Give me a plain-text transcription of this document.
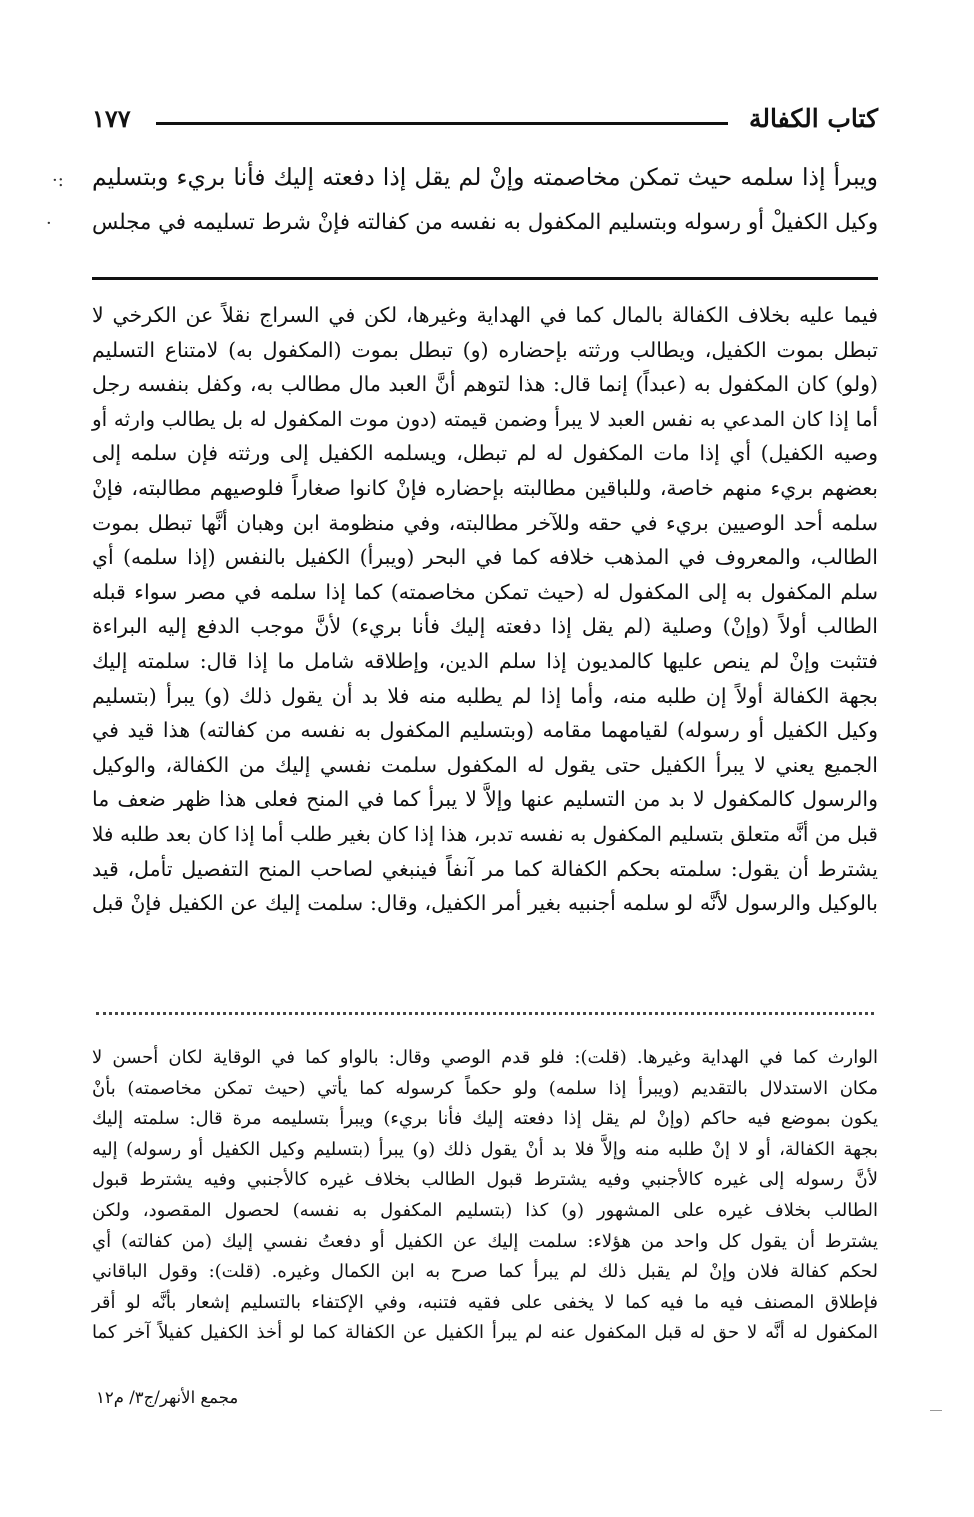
كتاب الكفالة
١٧٧
·:
·

ويبرأ إذا سلمه حيث تمكن مخاصمته وإنْ لم يقل إذا دفعته إليك فأنا بريء وبتسليم

وكيل الكفيلْ أو رسوله وبتسليم المكفول به نفسه من كفالته فإنْ شرط تسليمه في مجلس

فيما عليه بخلاف الكفالة بالمال كما في الهداية وغيرها، لكن في السراج نقلاً عن الكرخي لا

تبطل بموت الكفيل، ويطالب ورثته بإحضاره (و) تبطل بموت (المكفول به) لامتناع التسليم

(ولو) كان المكفول به (عبداً) إنما قال: هذا لتوهم أنَّ العبد مال مطالب به، وكفل بنفسه رجل

أما إذا كان المدعي به نفس العبد لا يبرأ وضمن قيمته (دون موت المكفول له بل يطالب وارثه أو

وصيه الكفيل) أي إذا مات المكفول له لم تبطل، ويسلمه الكفيل إلى ورثته فإن سلمه إلى

بعضهم بريء منهم خاصة، وللباقين مطالبته بإحضاره فإنْ كانوا صغاراً فلوصيهم مطالبته، فإنْ

سلمه أحد الوصيين بريء في حقه وللآخر مطالبته، وفي منظومة ابن وهبان أنَّها تبطل بموت

الطالب، والمعروف في المذهب خلافه كما في البحر (ويبرأ) الكفيل بالنفس (إذا سلمه) أي

سلم المكفول به إلى المكفول له (حيث تمكن مخاصمته) كما إذا سلمه في مصر سواء قبله

الطالب أولاً (وإنْ) وصلية (لم يقل إذا دفعته إليك فأنا بريء) لأنَّ موجب الدفع إليه البراءة

فتثبت وإنْ لم ينص عليها كالمديون إذا سلم الدين، وإطلاقه شامل ما إذا قال: سلمته إليك

بجهة الكفالة أولاً إن طلبه منه، وأما إذا لم يطلبه منه فلا بد أن يقول ذلك (و) يبرأ (بتسليم

وكيل الكفيل أو رسوله) لقيامهما مقامه (وبتسليم المكفول به نفسه من كفالته) هذا قيد في

الجميع يعني لا يبرأ الكفيل حتى يقول له المكفول سلمت نفسي إليك من الكفالة، والوكيل

والرسول كالمكفول لا بد من التسليم عنها وإلاَّ لا يبرأ كما في المنح فعلى هذا ظهر ضعف ما

قبل من أنَّه متعلق بتسليم المكفول به نفسه تدبر، هذا إذا كان بغير طلب أما إذا كان بعد طلبه فلا

يشترط أن يقول: سلمته بحكم الكفالة كما مر آنفاً فينبغي لصاحب المنح التفصيل تأمل، قيد

بالوكيل والرسول لأنَّه لو سلمه أجنبيه بغير أمر الكفيل، وقال: سلمت إليك عن الكفيل فإنْ قبل

الوارث كما في الهداية وغيرها. (قلت): فلو قدم الوصي وقال: بالواو كما في الوقاية لكان أحسن لا

مكان الاستدلال بالتقديم (ويبرأ إذا سلمه) ولو حكماً كرسوله كما يأتي (حيث تمكن مخاصمته) بأنْ

يكون بموضع فيه حاكم (وإنْ لم يقل إذا دفعته إليك فأنا بريء) ويبرأ بتسليمه مرة قال: سلمته إليك

بجهة الكفالة، أو لا إنْ طلبه منه وإلاَّ فلا بد أنْ يقول ذلك (و) يبرأ (بتسليم وكيل الكفيل أو رسوله) إليه

لأنَّ رسوله إلى غيره كالأجنبي وفيه يشترط قبول الطالب بخلاف غيره كالأجنبي وفيه يشترط قبول

الطالب بخلاف غيره على المشهور (و) كذا (بتسليم المكفول به نفسه) لحصول المقصود، ولكن

يشترط أن يقول كل واحد من هؤلاء: سلمت إليك عن الكفيل أو دفعتُ نفسي إليك (من كفالته) أي

لحكم كفالة فلان وإنْ لم يقبل ذلك لم يبرأ كما صرح به ابن الكمال وغيره. (قلت): وقول الباقاني

فإطلاق المصنف فيه ما فيه كما لا يخفى على فقيه فتنبه، وفي الإكتفاء بالتسليم إشعار بأنَّه لو أقر

المكفول له أنَّه لا حق له قبل المكفول عنه لم يبرأ الكفيل عن الكفالة كما لو أخذ الكفيل كفيلاً آخر كما

مجمع الأنهر/ج٣/ م١٢
